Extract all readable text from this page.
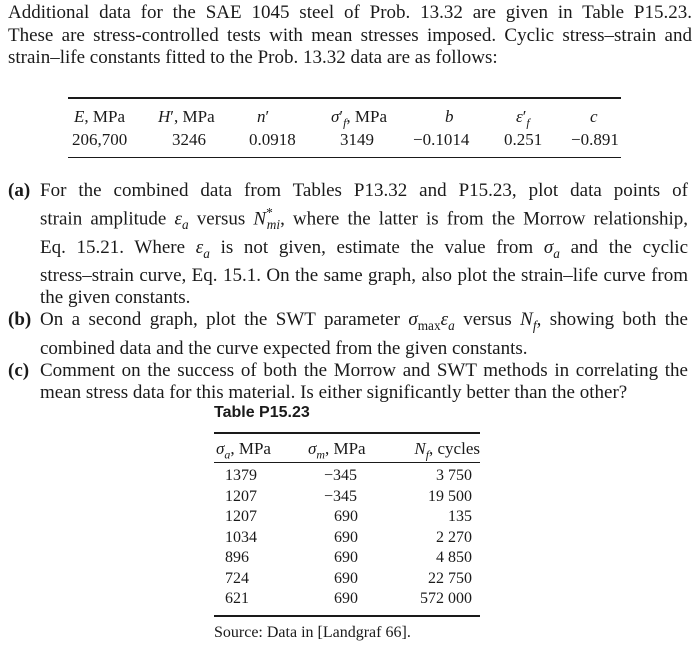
Additional data for the SAE 1045 steel of Prob. 13.32 are given in Table P15.23.
These are stress-controlled tests with mean stresses imposed. Cyclic stress–strain and
strain–life constants fitted to the Prob. 13.32 data are as follows:
E, MPa H′, MPa n′	$\sigma'_f$, MPa	b	$\varepsilon'_f$	c
206,700	3246	0.0918	3149 −0.1014 0.251 −0.891
(a) For the combined data from Tables P13.32 and P15.23, plot data points of
strain amplitude $\varepsilon_a$ versus $N^*_{mi}$, where the latter is from the Morrow relationship,
Eq. 15.21. Where $\varepsilon_a$ is not given, estimate the value from $\sigma_a$ and the cyclic
stress–strain curve, Eq. 15.1. On the same graph, also plot the strain–life curve from
the given constants.
(b) On a second graph, plot the SWT parameter $\sigma_{max}\varepsilon_a$ versus $N_f$, showing both the
combined data and the curve expected from the given constants.
(c) Comment on the success of both the Morrow and SWT methods in correlating the
mean stress data for this material. Is either significantly better than the other?
Table P15.23
$\sigma_a$, MPa $\sigma_m$, MPa	$N_f$, cycles
1379	−345	3 750
1207	−345	19 500
1207	690	135
1034	690	2 270
896	690	4 850
724	690	22 750
621	690	572 000
Source: Data in [Landgraf 66].
